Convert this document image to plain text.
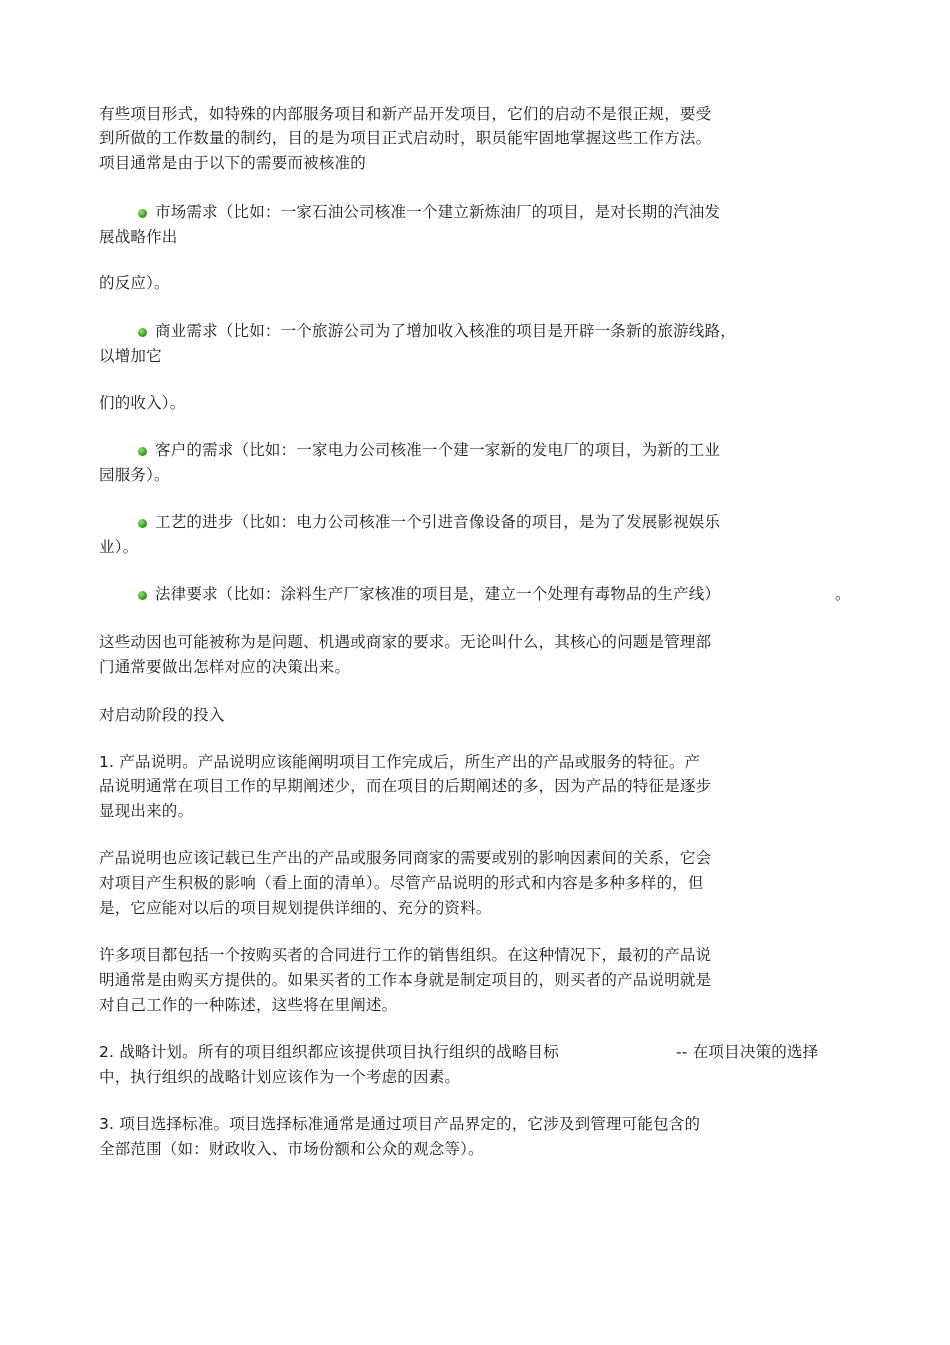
有些项目形式，如特殊的内部服务项目和新产品开发项目，它们的启动不是很正规，要受
到所做的工作数量的制约，目的是为项目正式启动时，职员能牢固地掌握这些工作方法。
项目通常是由于以下的需要而被核准的
市场需求（比如：一家石油公司核准一个建立新炼油厂的项目，是对长期的汽油发
展战略作出
的反应）。
商业需求（比如：一个旅游公司为了增加收入核准的项目是开辟一条新的旅游线路，
以增加它
们的收入）。
客户的需求（比如：一家电力公司核准一个建一家新的发电厂的项目，为新的工业
园服务）。
工艺的进步（比如：电力公司核准一个引进音像设备的项目，是为了发展影视娱乐
业）。
法律要求（比如：涂料生产厂家核准的项目是，建立一个处理有毒物品的生产线）	。
这些动因也可能被称为是问题、机遇或商家的要求。无论叫什么，其核心的问题是管理部
门通常要做出怎样对应的决策出来。
对启动阶段的投入
1. 产品说明。产品说明应该能阐明项目工作完成后，所生产出的产品或服务的特征。产
品说明通常在项目工作的早期阐述少，而在项目的后期阐述的多，因为产品的特征是逐步
显现出来的。
产品说明也应该记载已生产出的产品或服务同商家的需要或别的影响因素间的关系，它会
对项目产生积极的影响（看上面的清单）。尽管产品说明的形式和内容是多种多样的，但
是，它应能对以后的项目规划提供详细的、充分的资料。
许多项目都包括一个按购买者的合同进行工作的销售组织。在这种情况下，最初的产品说
明通常是由购买方提供的。如果买者的工作本身就是制定项目的，则买者的产品说明就是
对自己工作的一种陈述，这些将在里阐述。
2. 战略计划。所有的项目组织都应该提供项目执行组织的战略目标	-- 在项目决策的选择
中，执行组织的战略计划应该作为一个考虑的因素。
3. 项目选择标准。项目选择标准通常是通过项目产品界定的，它涉及到管理可能包含的
全部范围（如：财政收入、市场份额和公众的观念等）。
